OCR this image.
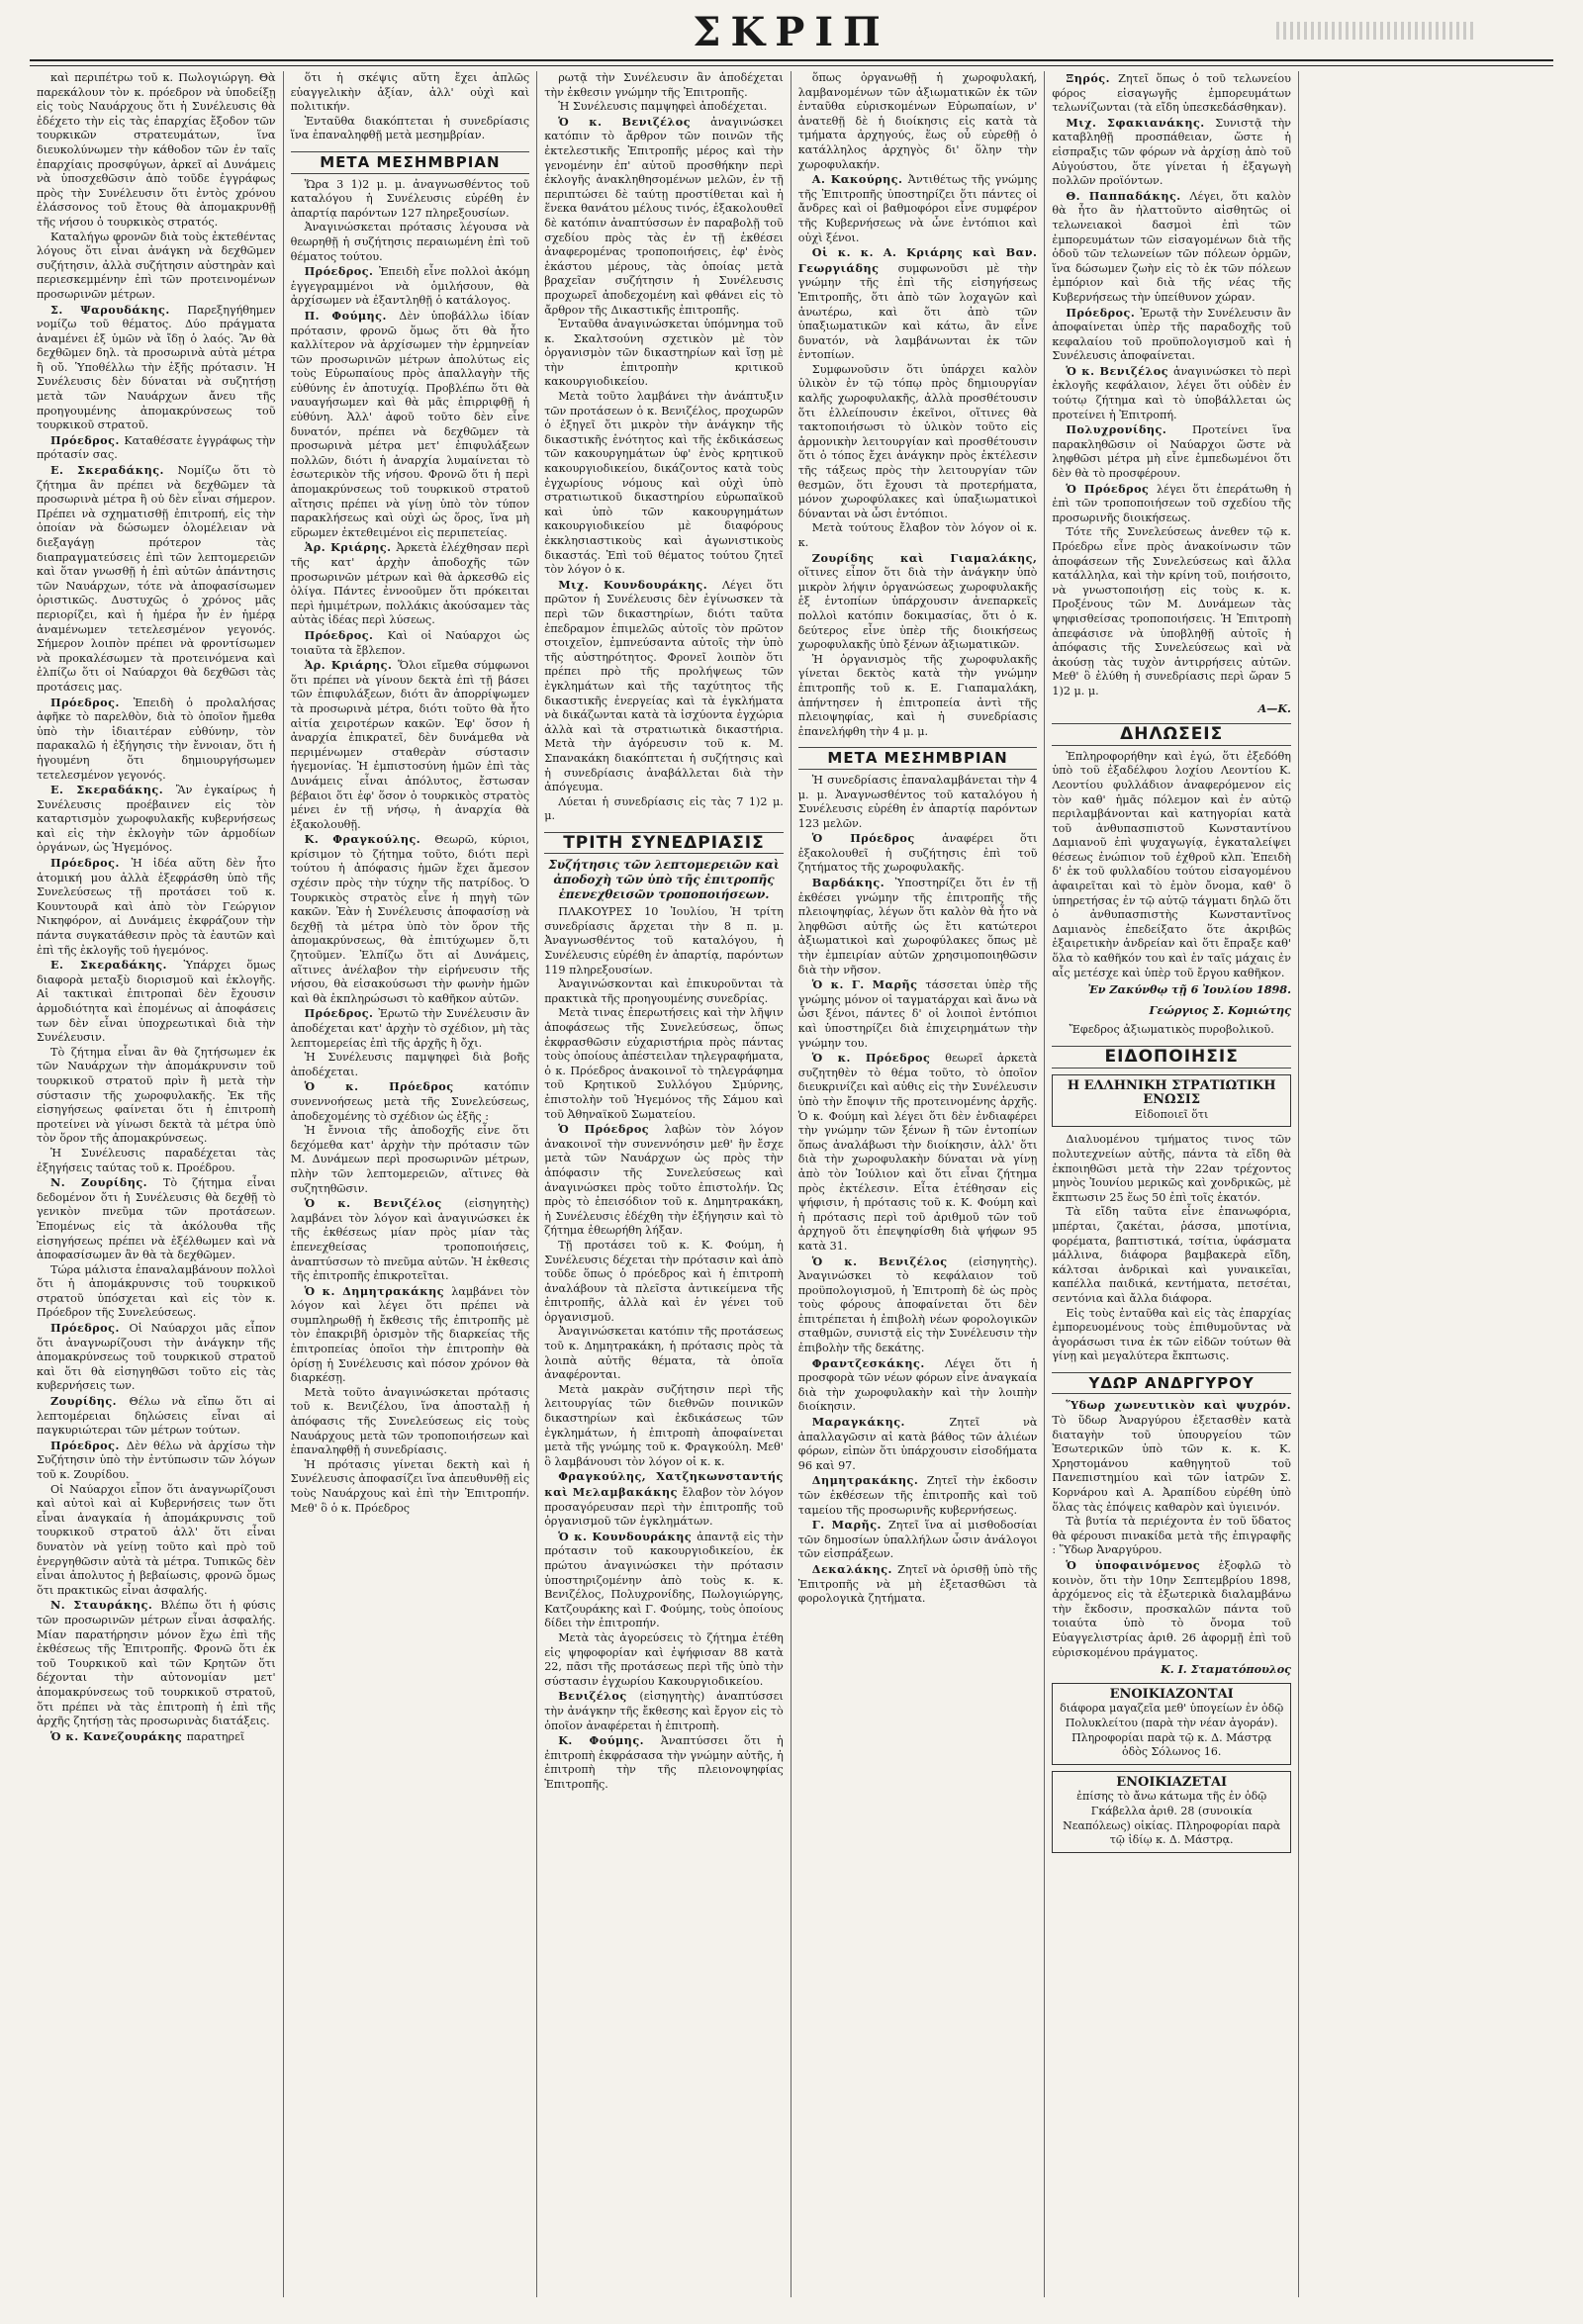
ΣΚΡΙΠ

καὶ περιπέτρω τοῦ κ. Πωλογιώργη. Θὰ παρεκάλουν τὸν κ. πρόεδρον νὰ ὑποδείξῃ εἰς τοὺς Ναυάρχους ὅτι ἡ Συνέλευσις θὰ ἐδέχετο τὴν εἰς τὰς ἐπαρχίας ἔξοδον τῶν τουρκικῶν στρατευμάτων, ἵνα διευκολύνωμεν τὴν κάθοδον τῶν ἐν ταῖς ἐπαρχίαις προσφύγων, ἀρκεῖ αἱ Δυνάμεις νὰ ὑποσχεθῶσιν ἀπὸ τοῦδε ἐγγράφως πρὸς τὴν Συνέλευσιν ὅτι ἐντὸς χρόνου ἐλάσσονος τοῦ ἔτους θὰ ἀπομακρυνθῇ τῆς νήσου ὁ τουρκικὸς στρατός.

Καταλήγω φρονῶν διὰ τοὺς ἐκτεθέντας λόγους ὅτι εἶναι ἀνάγκη νὰ δεχθῶμεν συζήτησιν, ἀλλὰ συζήτησιν αὐστηρὰν καὶ περιεσκεμμένην ἐπὶ τῶν προτεινομένων προσωρινῶν μέτρων.

Σ. Ψαρουδάκης. Παρεξηγήθημεν νομίζω τοῦ θέματος. Δύο πράγματα ἀναμένει ἐξ ὑμῶν νὰ ἴδῃ ὁ λαός. Ἂν θὰ δεχθῶμεν δηλ. τὰ προσωρινὰ αὐτὰ μέτρα ἢ οὔ. Ὑποθέλλω τὴν ἑξῆς πρότασιν. Ἡ Συνέλευσις δὲν δύναται νὰ συζητήσῃ μετὰ τῶν Ναυάρχων ἄνευ τῆς προηγουμένης ἀπομακρύνσεως τοῦ τουρκικοῦ στρατοῦ.

Πρόεδρος. Καταθέσατε ἐγγράφως τὴν πρότασίν σας.

Ε. Σκεραδάκης. Νομίζω ὅτι τὸ ζήτημα ἂν πρέπει νὰ δεχθῶμεν τὰ προσωρινὰ μέτρα ἢ οὐ δὲν εἶναι σήμερον. Πρέπει νὰ σχηματισθῇ ἐπιτροπή, εἰς τὴν ὁποίαν νὰ δώσωμεν ὁλομέλειαν νὰ διεξαγάγῃ πρότερον τὰς διαπραγματεύσεις ἐπὶ τῶν λεπτομερειῶν καὶ ὅταν γνωσθῇ ἡ ἐπὶ αὐτῶν ἀπάντησις τῶν Ναυάρχων, τότε νὰ ἀποφασίσωμεν ὁριστικῶς. Δυστυχῶς ὁ χρόνος μᾶς περιορίζει, καὶ ἡ ἡμέρα ἦν ἐν ἡμέρᾳ ἀναμένωμεν τετελεσμένον γεγονός. Σήμερον λοιπὸν πρέπει νὰ φροντίσωμεν νὰ προκαλέσωμεν τὰ προτεινόμενα καὶ ἐλπίζω ὅτι οἱ Ναύαρχοι θὰ δεχθῶσι τὰς προτάσεις μας.

Πρόεδρος. Ἐπειδὴ ὁ προλαλήσας ἀφῆκε τὸ παρελθὸν, διὰ τὸ ὁποῖον ἤμεθα ὑπὸ τὴν ἰδιαιτέραν εὐθύνην, τὸν παρακαλῶ ἡ ἐξήγησις τὴν ἔννοιαν, ὅτι ἡ ἡγουμένη ὅτι δημιουργήσωμεν τετελεσμένον γεγονός.

Ε. Σκεραδάκης. Ἂν ἐγκαίρως ἡ Συνέλευσις προέβαινεν εἰς τὸν καταρτισμὸν χωροφυλακῆς κυβερνήσεως καὶ εἰς τὴν ἐκλογὴν τῶν ἁρμοδίων ὀργάνων, ὡς Ἡγεμόνος.

Πρόεδρος. Ἡ ἰδέα αὕτη δὲν ἦτο ἀτομική μου ἀλλὰ ἐξεφράσθη ὑπὸ τῆς Συνελεύσεως τῇ προτάσει τοῦ κ. Κουντουρᾶ καὶ ἀπὸ τὸν Γεώργιον Νικηφόρον, αἱ Δυνάμεις ἐκφράζουν τὴν πάντα συγκατάθεσιν πρὸς τὰ ἑαυτῶν καὶ ἐπὶ τῆς ἐκλογῆς τοῦ ἡγεμόνος.

Ε. Σκεραδάκης. Ὑπάρχει ὅμως διαφορὰ μεταξὺ διορισμοῦ καὶ ἐκλογῆς. Αἱ τακτικαὶ ἐπιτροπαὶ δὲν ἔχουσιν ἀρμοδιότητα καὶ ἐπομένως αἱ ἀποφάσεις των δὲν εἶναι ὑποχρεωτικαὶ διὰ τὴν Συνέλευσιν.

Τὸ ζήτημα εἶναι ἂν θὰ ζητήσωμεν ἐκ τῶν Ναυάρχων τὴν ἀπομάκρυνσιν τοῦ τουρκικοῦ στρατοῦ πρὶν ἢ μετὰ τὴν σύστασιν τῆς χωροφυλακῆς. Ἐκ τῆς εἰσηγήσεως φαίνεται ὅτι ἡ ἐπιτροπὴ προτείνει νὰ γίνωσι δεκτὰ τὰ μέτρα ὑπὸ τὸν ὅρον τῆς ἀπομακρύνσεως.

Ἡ Συνέλευσις παραδέχεται τὰς ἐξηγήσεις ταύτας τοῦ κ. Προέδρου.

Ν. Ζουρίδης. Τὸ ζήτημα εἶναι δεδομένον ὅτι ἡ Συνέλευσις θὰ δεχθῇ τὸ γενικὸν πνεῦμα τῶν προτάσεων. Ἐπομένως εἰς τὰ ἀκόλουθα τῆς εἰσηγήσεως πρέπει νὰ ἐξέλθωμεν καὶ νὰ ἀποφασίσωμεν ἂν θὰ τὰ δεχθῶμεν.

Τώρα μάλιστα ἐπαναλαμβάνουν πολλοὶ ὅτι ἡ ἀπομάκρυνσις τοῦ τουρκικοῦ στρατοῦ ὑπόσχεται καὶ εἰς τὸν κ. Πρόεδρον τῆς Συνελεύσεως.

Πρόεδρος. Οἱ Ναύαρχοι μᾶς εἶπον ὅτι ἀναγνωρίζουσι τὴν ἀνάγκην τῆς ἀπομακρύνσεως τοῦ τουρκικοῦ στρατοῦ καὶ ὅτι θὰ εἰσηγηθῶσι τοῦτο εἰς τὰς κυβερνήσεις των.

Ζουρίδης. Θέλω νὰ εἴπω ὅτι αἱ λεπτομέρειαι δηλώσεις εἶναι αἱ παγκυριώτεραι τῶν μέτρων τούτων.

Πρόεδρος. Δὲν θέλω νὰ ἀρχίσω τὴν Συζήτησιν ὑπὸ τὴν ἐντύπωσιν τῶν λόγων τοῦ κ. Ζουρίδου.

Οἱ Ναύαρχοι εἶπον ὅτι ἀναγνωρίζουσι καὶ αὐτοὶ καὶ αἱ Κυβερνήσεις των ὅτι εἶναι ἀναγκαία ἡ ἀπομάκρυνσις τοῦ τουρκικοῦ στρατοῦ ἀλλ' ὅτι εἶναι δυνατὸν νὰ γείνῃ τοῦτο καὶ πρὸ τοῦ ἐνεργηθῶσιν αὐτὰ τὰ μέτρα. Τυπικῶς δὲν εἶναι ἀπολυτος ἡ βεβαίωσις, φρονῶ ὅμως ὅτι πρακτικῶς εἶναι ἀσφαλής.

Ν. Σταυράκης. Βλέπω ὅτι ἡ φύσις τῶν προσωρινῶν μέτρων εἶναι ἀσφαλής. Μίαν παρατήρησιν μόνον ἔχω ἐπὶ τῆς ἐκθέσεως τῆς Ἐπιτροπῆς. Φρονῶ ὅτι ἐκ τοῦ Τουρκικοῦ καὶ τῶν Κρητῶν ὅτι δέχονται τὴν αὐτονομίαν μετ' ἀπομακρύνσεως τοῦ τουρκικοῦ στρατοῦ, ὅτι πρέπει νὰ τὰς ἐπιτροπὴ ἡ ἐπὶ τῆς ἀρχῆς ζητήσῃ τὰς προσωρινὰς διατάξεις.

Ὁ κ. Κανεζουράκης παρατηρεῖ

ὅτι ἡ σκέψις αὕτη ἔχει ἁπλῶς εὐαγγελικὴν ἀξίαν, ἀλλ' οὐχὶ καὶ πολιτικήν.

Ἐνταῦθα διακόπτεται ἡ συνεδρίασις ἵνα ἐπαναληφθῇ μετὰ μεσημβρίαν.

ΜΕΤΑ ΜΕΣΗΜΒΡΙΑΝ

Ὥρα 3 1)2 μ. μ. ἀναγνωσθέντος τοῦ καταλόγου ἡ Συνέλευσις εὑρέθη ἐν ἀπαρτίᾳ παρόντων 127 πληρεξουσίων.

Ἀναγινώσκεται πρότασις λέγουσα νὰ θεωρηθῇ ἡ συζήτησις περαιωμένη ἐπὶ τοῦ θέματος τούτου.

Πρόεδρος. Ἐπειδὴ εἶνε πολλοὶ ἀκόμη ἐγγεγραμμένοι νὰ ὁμιλήσουν, θὰ ἀρχίσωμεν νὰ ἐξαντληθῇ ὁ κατάλογος.

Π. Φούμης. Δὲν ὑποβάλλω ἰδίαν πρότασιν, φρονῶ ὅμως ὅτι θὰ ἦτο καλλίτερον νὰ ἀρχίσωμεν τὴν ἐρμηνείαν τῶν προσωρινῶν μέτρων ἀπολύτως εἰς τοὺς Εὐρωπαίους πρὸς ἀπαλλαγὴν τῆς εὐθύνης ἐν ἀποτυχίᾳ. Προβλέπω ὅτι θὰ ναυαγήσωμεν καὶ θὰ μᾶς ἐπιρριφθῇ ἡ εὐθύνη. Ἀλλ' ἀφοῦ τοῦτο δὲν εἶνε δυνατόν, πρέπει νὰ δεχθῶμεν τὰ προσωρινὰ μέτρα μετ' ἐπιφυλάξεων πολλῶν, διότι ἡ ἀναρχία λυμαίνεται τὸ ἐσωτερικὸν τῆς νήσου. Φρονῶ ὅτι ἡ περὶ ἀπομακρύνσεως τοῦ τουρκικοῦ στρατοῦ αἴτησις πρέπει νὰ γίνῃ ὑπὸ τὸν τύπον παρακλήσεως καὶ οὐχὶ ὡς ὅρος, ἵνα μὴ εὕρωμεν ἐκτεθειμένοι εἰς περιπετείας.

Ἀρ. Κριάρης. Ἀρκετὰ ἐλέχθησαν περὶ τῆς κατ' ἀρχὴν ἀποδοχῆς τῶν προσωρινῶν μέτρων καὶ θὰ ἀρκεσθῶ εἰς ὀλίγα. Πάντες ἐννοοῦμεν ὅτι πρόκειται περὶ ἡμιμέτρων, πολλάκις ἀκούσαμεν τὰς αὐτὰς ἰδέας περὶ λύσεως.

Πρόεδρος. Καὶ οἱ Ναύαρχοι ὡς τοιαῦτα τὰ ἔβλεπον.

Ἀρ. Κριάρης. Ὅλοι εἴμεθα σύμφωνοι ὅτι πρέπει νὰ γίνουν δεκτὰ ἐπὶ τῇ βάσει τῶν ἐπιφυλάξεων, διότι ἂν ἀπορρίψωμεν τὰ προσωρινὰ μέτρα, διότι τοῦτο θὰ ἦτο αἰτία χειροτέρων κακῶν. Ἐφ' ὅσον ἡ ἀναρχία ἐπικρατεῖ, δὲν δυνάμεθα νὰ περιμένωμεν σταθερὰν σύστασιν ἡγεμονίας. Ἡ ἐμπιστοσύνη ἡμῶν ἐπὶ τὰς Δυνάμεις εἶναι ἀπόλυτος, ἔστωσαν βέβαιοι ὅτι ἐφ' ὅσον ὁ τουρκικὸς στρατὸς μένει ἐν τῇ νήσῳ, ἡ ἀναρχία θὰ ἐξακολουθῇ.

Κ. Φραγκούλης. Θεωρῶ, κύριοι, κρίσιμον τὸ ζήτημα τοῦτο, διότι περὶ τούτου ἡ ἀπόφασις ἡμῶν ἔχει ἄμεσον σχέσιν πρὸς τὴν τύχην τῆς πατρίδος. Ὁ Τουρκικὸς στρατὸς εἶνε ἡ πηγὴ τῶν κακῶν. Ἐὰν ἡ Συνέλευσις ἀποφασίσῃ νὰ δεχθῇ τὰ μέτρα ὑπὸ τὸν ὅρον τῆς ἀπομακρύνσεως, θὰ ἐπιτύχωμεν ὅ,τι ζητοῦμεν. Ἐλπίζω ὅτι αἱ Δυνάμεις, αἵτινες ἀνέλαβον τὴν εἰρήνευσιν τῆς νήσου, θὰ εἰσακούσωσι τὴν φωνὴν ἡμῶν καὶ θὰ ἐκπληρώσωσι τὸ καθῆκον αὐτῶν.

Πρόεδρος. Ἐρωτῶ τὴν Συνέλευσιν ἂν ἀποδέχεται κατ' ἀρχὴν τὸ σχέδιον, μὴ τὰς λεπτομερείας ἐπὶ τῆς ἀρχῆς ἢ ὄχι.

Ἡ Συνέλευσις παμψηφεὶ διὰ βοῆς ἀποδέχεται.

Ὁ κ. Πρόεδρος κατόπιν συνεννοήσεως μετὰ τῆς Συνελεύσεως, ἀποδεχομένης τὸ σχέδιον ὡς ἑξῆς :

Ἡ ἔννοια τῆς ἀποδοχῆς εἶνε ὅτι δεχόμεθα κατ' ἀρχὴν τὴν πρότασιν τῶν Μ. Δυνάμεων περὶ προσωρινῶν μέτρων, πλὴν τῶν λεπτομερειῶν, αἵτινες θὰ συζητηθῶσιν.

Ὁ κ. Βενιζέλος (εἰσηγητὴς) λαμβάνει τὸν λόγον καὶ ἀναγινώσκει ἐκ τῆς ἐκθέσεως μίαν πρὸς μίαν τὰς ἐπενεχθείσας τροποποιήσεις, ἀναπτύσσων τὸ πνεῦμα αὐτῶν. Ἡ ἐκθεσις τῆς ἐπιτροπῆς ἐπικροτεῖται.

Ὁ κ. Δημητρακάκης λαμβάνει τὸν λόγον καὶ λέγει ὅτι πρέπει νὰ συμπληρωθῇ ἡ ἔκθεσις τῆς ἐπιτροπῆς μὲ τὸν ἐπακριβῆ ὁρισμὸν τῆς διαρκείας τῆς ἐπιτροπείας ὁποῖοι τὴν ἐπιτροπὴν θὰ ὁρίσῃ ἡ Συνέλευσις καὶ πόσον χρόνον θὰ διαρκέσῃ.

Μετὰ τοῦτο ἀναγινώσκεται πρότασις τοῦ κ. Βενιζέλου, ἵνα ἀποσταλῇ ἡ ἀπόφασις τῆς Συνελεύσεως εἰς τοὺς Ναυάρχους μετὰ τῶν τροποποιήσεων καὶ ἐπαναληφθῇ ἡ συνεδρίασις.

Ἡ πρότασις γίνεται δεκτὴ καὶ ἡ Συνέλευσις ἀποφασίζει ἵνα ἀπευθυνθῇ εἰς τοὺς Ναυάρχους καὶ ἐπὶ τὴν Ἐπιτροπήν. Μεθ' ὃ ὁ κ. Πρόεδρος

ρωτᾷ τὴν Συνέλευσιν ἂν ἀποδέχεται τὴν ἐκθεσιν γνώμην τῆς Ἐπιτροπῆς.

Ἡ Συνέλευσις παμψηφεὶ ἀποδέχεται.

Ὁ κ. Βενιζέλος ἀναγινώσκει κατόπιν τὸ ἄρθρον τῶν ποινῶν τῆς ἐκτελεστικῆς Ἐπιτροπῆς μέρος καὶ τὴν γενομένην ἐπ' αὐτοῦ προσθήκην περὶ ἐκλογῆς ἀνακληθησομένων μελῶν, ἐν τῇ περιπτώσει δὲ ταύτῃ προστίθεται καὶ ἡ ἕνεκα θανάτου μέλους τινός, ἐξακολουθεῖ δὲ κατόπιν ἀναπτύσσων ἐν παραβολῇ τοῦ σχεδίου πρὸς τὰς ἐν τῇ ἐκθέσει ἀναφερομένας τροποποιήσεις, ἐφ' ἑνὸς ἑκάστου μέρους, τὰς ὁποίας μετὰ βραχεῖαν συζήτησιν ἡ Συνέλευσις προχωρεῖ ἀποδεχομένη καὶ φθάνει εἰς τὸ ἄρθρον τῆς Δικαστικῆς ἐπιτροπῆς.

Ἐνταῦθα ἀναγινώσκεται ὑπόμνημα τοῦ κ. Σκαλτσούνη σχετικὸν μὲ τὸν ὀργανισμὸν τῶν δικαστηρίων καὶ ἴσῃ μὲ τὴν ἐπιτροπὴν κριτικοῦ κακουργιοδικείου.

Μετὰ τοῦτο λαμβάνει τὴν ἀνάπτυξιν τῶν προτάσεων ὁ κ. Βενιζέλος, προχωρῶν ὁ ἐξηγεῖ ὅτι μικρὸν τὴν ἀνάγκην τῆς δικαστικῆς ἑνότητος καὶ τῆς ἐκδικάσεως τῶν κακουργημάτων ὑφ' ἑνὸς κρητικοῦ κακουργιοδικείου, δικάζοντος κατὰ τοὺς ἐγχωρίους νόμους καὶ οὐχὶ ὑπὸ στρατιωτικοῦ δικαστηρίου εὐρωπαϊκοῦ καὶ ὑπὸ τῶν κακουργημάτων κακουργιοδικείου μὲ διαφόρους ἐκκλησιαστικοὺς καὶ ἀγωνιστικοὺς δικαστάς. Ἐπὶ τοῦ θέματος τούτου ζητεῖ τὸν λόγον ὁ κ.

Μιχ. Κουνδουράκης. Λέγει ὅτι πρῶτον ἡ Συνέλευσις δὲν ἐγίνωσκεν τὰ περὶ τῶν δικαστηρίων, διότι ταῦτα ἐπεδραμον ἐπιμελῶς αὐτοῖς τὸν πρῶτον στοιχεῖον, ἐμπνεύσαντα αὐτοῖς τὴν ὑπὸ τῆς αὐστηρότητος. Φρονεῖ λοιπὸν ὅτι πρέπει πρὸ τῆς προλήψεως τῶν ἐγκλημάτων καὶ τῆς ταχύτητος τῆς δικαστικῆς ἐνεργείας καὶ τὰ ἐγκλήματα νὰ δικάζωνται κατὰ τὰ ἰσχύοντα ἐγχώρια ἀλλὰ καὶ τὰ στρατιωτικὰ δικαστήρια. Μετὰ τὴν ἀγόρευσιν τοῦ κ. Μ. Σπανακάκη διακόπτεται ἡ συζήτησις καὶ ἡ συνεδρίασις ἀναβάλλεται διὰ τὴν ἀπόγευμα.

Λύεται ἡ συνεδρίασις εἰς τὰς 7 1)2 μ. μ.

ΤΡΙΤΗ ΣΥΝΕΔΡΙΑΣΙΣ
Συζήτησις τῶν λεπτομερειῶν καὶ ἀποδοχὴ τῶν ὑπὸ τῆς ἐπιτροπῆς ἐπενεχθεισῶν τροποποιήσεων.

ΠΛΑΚΟΥΡΕΣ 10 Ἰουλίου, Ἡ τρίτη συνεδρίασις ἄρχεται τὴν 8 π. μ. Ἀναγνωσθέντος τοῦ καταλόγου, ἡ Συνέλευσις εὑρέθη ἐν ἀπαρτίᾳ, παρόντων 119 πληρεξουσίων.

Ἀναγινώσκονται καὶ ἐπικυροῦνται τὰ πρακτικὰ τῆς προηγουμένης συνεδρίας.

Μετὰ τινας ἐπερωτήσεις καὶ τὴν λῆψιν ἀποφάσεως τῆς Συνελεύσεως, ὅπως ἐκφρασθῶσιν εὐχαριστήρια πρὸς πάντας τοὺς ὁποίους ἀπέστειλαν τηλεγραφήματα, ὁ κ. Πρόεδρος ἀνακοινοῖ τὸ τηλεγράφημα τοῦ Κρητικοῦ Συλλόγου Σμύρνης, ἐπιστολὴν τοῦ Ἡγεμόνος τῆς Σάμου καὶ τοῦ Ἀθηναϊκοῦ Σωματείου.

Ὁ Πρόεδρος λαβὼν τὸν λόγον ἀνακοινοῖ τὴν συνεννόησιν μεθ' ἣν ἔσχε μετὰ τῶν Ναυάρχων ὡς πρὸς τὴν ἀπόφασιν τῆς Συνελεύσεως καὶ ἀναγινώσκει πρὸς τοῦτο ἐπιστολήν. Ὡς πρὸς τὸ ἐπεισόδιον τοῦ κ. Δημητρακάκη, ἡ Συνέλευσις ἐδέχθη τὴν ἐξήγησιν καὶ τὸ ζήτημα ἐθεωρήθη λήξαν.

Τῇ προτάσει τοῦ κ. Κ. Φούμη, ἡ Συνέλευσις δέχεται τὴν πρότασιν καὶ ἀπὸ τοῦδε ὅπως ὁ πρόεδρος καὶ ἡ ἐπιτροπὴ ἀναλάβουν τὰ πλεῖστα ἀντικείμενα τῆς ἐπιτροπῆς, ἀλλὰ καὶ ἐν γένει τοῦ ὀργανισμοῦ.

Ἀναγινώσκεται κατόπιν τῆς προτάσεως τοῦ κ. Δημητρακάκη, ἡ πρότασις πρὸς τὰ λοιπὰ αὐτῆς θέματα, τὰ ὁποῖα ἀναφέρονται.

Μετὰ μακρὰν συζήτησιν περὶ τῆς λειτουργίας τῶν διεθνῶν ποινικῶν δικαστηρίων καὶ ἐκδικάσεως τῶν ἐγκλημάτων, ἡ ἐπιτροπὴ ἀποφαίνεται μετὰ τῆς γνώμης τοῦ κ. Φραγκούλη. Μεθ' ὃ λαμβάνουσι τὸν λόγον οἱ κ. κ.

Φραγκούλης, Χατζηκωνσταντής καὶ Μελαμβακάκης ἔλαβον τὸν λόγον προσαγόρευσαν περὶ τὴν ἐπιτροπῆς τοῦ ὀργανισμοῦ τῶν ἐγκλημάτων.

Ὁ κ. Κουνδουράκης ἀπαντᾷ εἰς τὴν πρότασιν τοῦ κακουργιοδικείου, ἐκ πρώτου ἀναγινώσκει τὴν πρότασιν ὑποστηριζομένην ἀπὸ τοὺς κ. κ. Βενιζέλος, Πολυχρονίδης, Πωλογιώργης, Κατζουράκης καὶ Γ. Φούμης, τοὺς ὁποίους δίδει τὴν ἐπιτροπήν.

Μετὰ τὰς ἀγορεύσεις τὸ ζήτημα ἐτέθη εἰς ψηφοφορίαν καὶ ἐψήφισαν 88 κατὰ 22, πᾶσι τῆς προτάσεως περὶ τῆς ὑπὸ τὴν σύστασιν ἐγχωρίου Κακουργιοδικείου.

Βενιζέλος (εἰσηγητὴς) ἀναπτύσσει τὴν ἀνάγκην τῆς ἔκθεσης καὶ ἔργον εἰς τὸ ὁποῖον ἀναφέρεται ἡ ἐπιτροπὴ.

Κ. Φούμης. Ἀναπτύσσει ὅτι ἡ ἐπιτροπὴ ἐκφράσασα τὴν γνώμην αὐτῆς, ἡ ἐπιτροπὴ τὴν τῆς πλειονοψηφίας Ἐπιτροπῆς.

ὅπως ὀργανωθῇ ἡ χωροφυλακή, λαμβανομένων τῶν ἀξιωματικῶν ἐκ τῶν ἐνταῦθα εὑρισκομένων Εὐρωπαίων, ν' ἀνατεθῇ δὲ ἡ διοίκησις εἰς κατὰ τὰ τμήματα ἀρχηγούς, ἕως οὗ εὑρεθῇ ὁ κατάλληλος ἀρχηγὸς δι' ὅλην τὴν χωροφυλακήν.

Α. Κακούρης. Ἀντιθέτως τῆς γνώμης τῆς Ἐπιτροπῆς ὑποστηρίζει ὅτι πάντες οἱ ἄνδρες καὶ οἱ βαθμοφόροι εἶνε συμφέρον τῆς Κυβερνήσεως νὰ ὦνε ἐντόπιοι καὶ οὐχὶ ξένοι.

Οἱ κ. κ. Α. Κριάρης καὶ Βαν. Γεωργιάδης συμφωνοῦσι μὲ τὴν γνώμην τῆς ἐπὶ τῆς εἰσηγήσεως Ἐπιτροπῆς, ὅτι ἀπὸ τῶν λοχαγῶν καὶ ἀνωτέρω, καὶ ὅτι ἀπὸ τῶν ὑπαξιωματικῶν καὶ κάτω, ἂν εἶνε δυνατόν, νὰ λαμβάνωνται ἐκ τῶν ἐντοπίων.

Συμφωνοῦσιν ὅτι ὑπάρχει καλὸν ὑλικὸν ἐν τῷ τόπῳ πρὸς δημιουργίαν καλῆς χωροφυλακῆς, ἀλλὰ προσθέτουσιν ὅτι ἐλλείπουσιν ἐκεῖνοι, οἵτινες θὰ τακτοποιήσωσι τὸ ὑλικὸν τοῦτο εἰς ἁρμονικὴν λειτουργίαν καὶ προσθέτουσιν ὅτι ὁ τόπος ἔχει ἀνάγκην πρὸς ἐκτέλεσιν τῆς τάξεως πρὸς τὴν λειτουργίαν τῶν θεσμῶν, ὅτι ἔχουσι τὰ προτερήματα, μόνον χωροφύλακες καὶ ὑπαξιωματικοὶ δύνανται νὰ ὦσι ἐντόπιοι.

Μετὰ τούτους ἔλαβον τὸν λόγον οἱ κ. κ.

Ζουρίδης καὶ Γιαμαλάκης, οἵτινες εἶπον ὅτι διὰ τὴν ἀνάγκην ὑπὸ μικρὸν λήψιν ὀργανώσεως χωροφυλακῆς ἐξ ἐντοπίων ὑπάρχουσιν ἀνεπαρκεῖς πολλοὶ κατόπιν δοκιμασίας, ὅτι ὁ κ. δεύτερος εἶνε ὑπὲρ τῆς διοικήσεως χωροφυλακῆς ὑπὸ ξένων ἀξιωματικῶν.

Ἡ ὀργανισμὸς τῆς χωροφυλακῆς γίνεται δεκτὸς κατὰ τὴν γνώμην ἐπιτροπῆς τοῦ κ. Ε. Γιαπαμαλάκη, ἀπήντησεν ἡ ἐπιτροπεία ἀντὶ τῆς πλειοψηφίας, καὶ ἡ συνεδρίασις ἐπανελήφθη τὴν 4 μ. μ.

ΜΕΤΑ ΜΕΣΗΜΒΡΙΑΝ

Ἡ συνεδρίασις ἐπαναλαμβάνεται τὴν 4 μ. μ. Ἀναγνωσθέντος τοῦ καταλόγου ἡ Συνέλευσις εὑρέθη ἐν ἀπαρτίᾳ παρόντων 123 μελῶν.

Ὁ Πρόεδρος ἀναφέρει ὅτι ἐξακολουθεῖ ἡ συζήτησις ἐπὶ τοῦ ζητήματος τῆς χωροφυλακῆς.

Βαρδάκης. Ὑποστηρίζει ὅτι ἐν τῇ ἐκθέσει γνώμην τῆς ἐπιτροπῆς τῆς πλειοψηφίας, λέγων ὅτι καλὸν θὰ ἦτο νὰ ληφθῶσι αὐτῆς ὡς ἔτι κατώτεροι ἀξιωματικοὶ καὶ χωροφύλακες ὅπως μὲ τὴν ἐμπειρίαν αὐτῶν χρησιμοποιηθῶσιν διὰ τὴν νῆσον.

Ὁ κ. Γ. Μαρῆς τάσσεται ὑπὲρ τῆς γνώμης μόνον οἱ ταγματάρχαι καὶ ἄνω νὰ ὦσι ξένοι, πάντες δ' οἱ λοιποὶ ἐντόπιοι καὶ ὑποστηρίζει διὰ ἐπιχειρημάτων τὴν γνώμην του.

Ὁ κ. Πρόεδρος θεωρεῖ ἀρκετὰ συζητηθὲν τὸ θέμα τοῦτο, τὸ ὁποῖον διευκρινίζει καὶ αὐθις εἰς τὴν Συνέλευσιν ὑπὸ τὴν ἔποψιν τῆς προτεινομένης ἀρχῆς. Ὁ κ. Φούμη καὶ λέγει ὅτι δὲν ἐνδιαφέρει τὴν γνώμην τῶν ξένων ἢ τῶν ἐντοπίων ὅπως ἀναλάβωσι τὴν διοίκησιν, ἀλλ' ὅτι διὰ τὴν χωροφυλακὴν δύναται νὰ γίνῃ ἀπὸ τὸν Ἰούλιον καὶ ὅτι εἶναι ζήτημα πρὸς ἐκτέλεσιν. Εἶτα ἐτέθησαν εἰς ψήφισιν, ἡ πρότασις τοῦ κ. Κ. Φούμη καὶ ἡ πρότασις περὶ τοῦ ἀριθμοῦ τῶν τοῦ ἀρχηγοῦ ὅτι ἐπεψηφίσθη διὰ ψήφων 95 κατὰ 31.

Ὁ κ. Βενιζέλος (εἰσηγητὴς). Ἀναγινώσκει τὸ κεφάλαιον τοῦ προϋπολογισμοῦ, ἡ Ἐπιτροπὴ δὲ ὡς πρὸς τοὺς φόρους ἀποφαίνεται ὅτι δὲν ἐπιτρέπεται ἡ ἐπιβολὴ νέων φορολογικῶν σταθμῶν, συνιστᾷ εἰς τὴν Συνέλευσιν τὴν ἐπιβολὴν τῆς δεκάτης.

Φραντζεσκάκης. Λέγει ὅτι ἡ προσφορὰ τῶν νέων φόρων εἶνε ἀναγκαία διὰ τὴν χωροφυλακὴν καὶ τὴν λοιπὴν διοίκησιν.

Μαραγκάκης. Ζητεῖ νὰ ἀπαλλαγῶσιν αἱ κατὰ βάθος τῶν ἀλιέων φόρων, εἰπὼν ὅτι ὑπάρχουσιν εἰσοδήματα 96 καὶ 97.

Δημητρακάκης. Ζητεῖ τὴν ἐκδοσιν τῶν ἐκθέσεων τῆς ἐπιτροπῆς καὶ τοῦ ταμείου τῆς προσωρινῆς κυβερνήσεως.

Γ. Μαρῆς. Ζητεῖ ἵνα αἱ μισθοδοσίαι τῶν δημοσίων ὑπαλλήλων ὦσιν ἀνάλογοι τῶν εἰσπράξεων.

Δεκαλάκης. Ζητεῖ νὰ ὁρισθῇ ὑπὸ τῆς Ἐπιτροπῆς νὰ μὴ ἐξετασθῶσι τὰ φορολογικὰ ζητήματα.

Ξηρός. Ζητεῖ ὅπως ὁ τοῦ τελωνείου φόρος εἰσαγωγῆς ἐμπορευμάτων τελωνίζωνται (τὰ εἴδη ὑπεσκεδάσθηκαν).

Μιχ. Σφακιανάκης. Συνιστᾷ τὴν καταβληθῇ προσπάθειαν, ὥστε ἡ εἰσπραξις τῶν φόρων νὰ ἀρχίσῃ ἀπὸ τοῦ Αὐγούστου, ὅτε γίνεται ἡ ἐξαγωγὴ πολλῶν προϊόντων.

Θ. Παππαδάκης. Λέγει, ὅτι καλὸν θὰ ἦτο ἂν ἠλαττοῦντο αἰσθητῶς οἱ τελωνειακοὶ δασμοὶ ἐπὶ τῶν ἐμπορευμάτων τῶν εἰσαγομένων διὰ τῆς ὁδοῦ τῶν τελωνείων τῶν πόλεων ὁρμῶν, ἵνα δώσωμεν ζωὴν εἰς τὸ ἐκ τῶν πόλεων ἐμπόριον καὶ διὰ τῆς νέας τῆς Κυβερνήσεως τὴν ὑπείθυνον χώραν.

Πρόεδρος. Ἐρωτᾷ τὴν Συνέλευσιν ἂν ἀποφαίνεται ὑπὲρ τῆς παραδοχῆς τοῦ κεφαλαίου τοῦ προϋπολογισμοῦ καὶ ἡ Συνέλευσις ἀποφαίνεται.

Ὁ κ. Βενιζέλος ἀναγινώσκει τὸ περὶ ἐκλογῆς κεφάλαιον, λέγει ὅτι οὐδὲν ἐν τούτῳ ζήτημα καὶ τὸ ὑποβάλλεται ὡς προτείνει ἡ Ἐπιτροπή.

Πολυχρονίδης. Προτείνει ἵνα παρακληθῶσιν οἱ Ναύαρχοι ὥστε νὰ ληφθῶσι μέτρα μὴ εἶνε ἐμπεδωμένοι ὅτι δὲν θὰ τὸ προσφέρουν.

Ὁ Πρόεδρος λέγει ὅτι ἐπεράτωθη ἡ ἐπὶ τῶν τροποποιήσεων τοῦ σχεδίου τῆς προσωρινῆς διοικήσεως.

Τότε τῆς Συνελεύσεως ἀνεθεν τῷ κ. Πρόεδρω εἶνε πρὸς ἀνακοίνωσιν τῶν ἀποφάσεων τῆς Συνελεύσεως καὶ ἄλλα κατάλληλα, καὶ τὴν κρίνη τοῦ, ποιήσοιτο, νὰ γνωστοποιήσῃ εἰς τοὺς κ. κ. Προξένους τῶν Μ. Δυνάμεων τὰς ψηφισθείσας τροποποιήσεις. Ἡ Ἐπιτροπὴ ἀπεφάσισε νὰ ὑποβληθῇ αὐτοῖς ἡ ἀπόφασις τῆς Συνελεύσεως καὶ νὰ ἀκούσῃ τὰς τυχὸν ἀντιρρήσεις αὐτῶν. Μεθ' ὃ ἐλύθη ἡ συνεδρίασις περὶ ὥραν 5 1)2 μ. μ.

Α—Κ.
ΔΗΛΩΣΕΙΣ

Ἐπληροφορήθην καὶ ἐγώ, ὅτι ἐξεδόθη ὑπὸ τοῦ ἐξαδέλφου λοχίου Λεοντίου Κ. Λεοντίου φυλλάδιον ἀναφερόμενον εἰς τὸν καθ' ἡμᾶς πόλεμον καὶ ἐν αὐτῷ περιλαμβάνονται καὶ κατηγορίαι κατὰ τοῦ ἀνθυπασπιστοῦ Κωνσταντίνου Δαμιανοῦ ἐπὶ ψυχαγωγίᾳ, ἐγκαταλείψει θέσεως ἐνώπιον τοῦ ἐχθροῦ κλπ. Ἐπειδὴ δ' ἐκ τοῦ φυλλαδίου τούτου εἰσαγομένου ἀφαιρεῖται καὶ τὸ ἐμὸν ὄνομα, καθ' ὃ ὑπηρετήσας ἐν τῷ αὐτῷ τάγματι δηλῶ ὅτι ὁ ἀνθυπασπιστὴς Κωνσταντῖνος Δαμιανὸς ἐπεδείξατο ὅτε ἀκριβῶς ἐξαιρετικὴν ἀνδρείαν καὶ ὅτι ἔπραξε καθ' ὅλα τὸ καθῆκόν του καὶ ἐν ταῖς μάχαις ἐν αἷς μετέσχε καὶ ὑπὲρ τοῦ ἔργου καθῆκον.

Ἐν Ζακύνθῳ τῇ 6 Ἰουλίου 1898.
Γεώργιος Σ. Κομιώτης

Ἔφεδρος ἀξιωματικὸς πυροβολικοῦ.

ΕΙΔΟΠΟΙΗΣΙΣ
Η ΕΛΛΗΝΙΚΗ ΣΤΡΑΤΙΩΤΙΚΗ ΕΝΩΣΙΣ
Εἰδοποιεῖ ὅτι

Διαλυομένου τμήματος τινος τῶν πολυτεχνείων αὐτῆς, πάντα τὰ εἴδη θὰ ἐκποιηθῶσι μετὰ τὴν 22αν τρέχοντος μηνὸς Ἰουνίου μερικῶς καὶ χονδρικῶς, μὲ ἔκπτωσιν 25 ἕως 50 ἐπὶ τοῖς ἑκατόν.

Τὰ εἴδη ταῦτα εἶνε ἐπανωφόρια, μπέρται, ζακέται, ῥάσσα, μποτίνια, φορέματα, βαπτιστικά, τσίτια, ὑφάσματα μάλλινα, διάφορα βαμβακερὰ εἴδη, κάλτσαι ἀνδρικαὶ καὶ γυναικεῖαι, καπέλλα παιδικά, κεντήματα, πετσέται, σεντόνια καὶ ἄλλα διάφορα.

Εἰς τοὺς ἐνταῦθα καὶ εἰς τὰς ἐπαρχίας ἐμπορευομένους τοὺς ἐπιθυμοῦντας νὰ ἀγοράσωσι τινα ἐκ τῶν εἰδῶν τούτων θὰ γίνῃ καὶ μεγαλύτερα ἔκπτωσις.

ΥΔΩΡ ΑΝΔΡΓΥΡΟΥ

Ὕδωρ χωνευτικὸν καὶ ψυχρόν. Τὸ ὕδωρ Ἀναργύρου ἐξετασθὲν κατὰ διαταγὴν τοῦ ὑπουργείου τῶν Ἐσωτερικῶν ὑπὸ τῶν κ. κ. Κ. Χρηστομάνου καθηγητοῦ τοῦ Πανεπιστημίου καὶ τῶν ἰατρῶν Σ. Κορνάρου καὶ Α. Ἀραπίδου εὑρέθη ὑπὸ ὅλας τὰς ἐπόψεις καθαρὸν καὶ ὑγιεινόν.

Τὰ βυτία τὰ περιέχοντα ἐν τοῦ ὕδατος θὰ φέρουσι πινακίδα μετὰ τῆς ἐπιγραφῆς : Ὕδωρ Ἀναργύρου.

Ὁ ὑποφαινόμενος ἐξοφλῶ τὸ κοινὸν, ὅτι τὴν 10ην Σεπτεμβρίου 1898, ἀρχόμενος εἰς τὰ ἐξωτερικὰ διαλαμβάνω τὴν ἔκδοσιν, προσκαλῶν πάντα τοῦ τοιαύτα ὑπὸ τὸ ὄνομα τοῦ Εὐαγγελιστρίας ἀριθ. 26 ἀφορμῇ ἐπὶ τοῦ εὐρισκομένου πράγματος.

Κ. Ι. Σταματόπουλος
ΕΝΟΙΚΙΑΖΟΝΤΑΙ
διάφορα μαγαζεῖα μεθ' ὑπογείων ἐν ὁδῷ Πολυκλείτου (παρὰ τὴν νέαν ἀγοράν). Πληροφορίαι παρὰ τῷ κ. Δ. Μάστρᾳ ὁδὸς Σόλωνος 16.
ΕΝΟΙΚΙΑΖΕΤΑΙ
ἐπίσης τὸ ἄνω κάτωμα τῆς ἐν ὁδῷ Γκάβελλα ἀριθ. 28 (συνοικία Νεαπόλεως) οἰκίας. Πληροφορίαι παρὰ τῷ ἰδίῳ κ. Δ. Μάστρᾳ.
